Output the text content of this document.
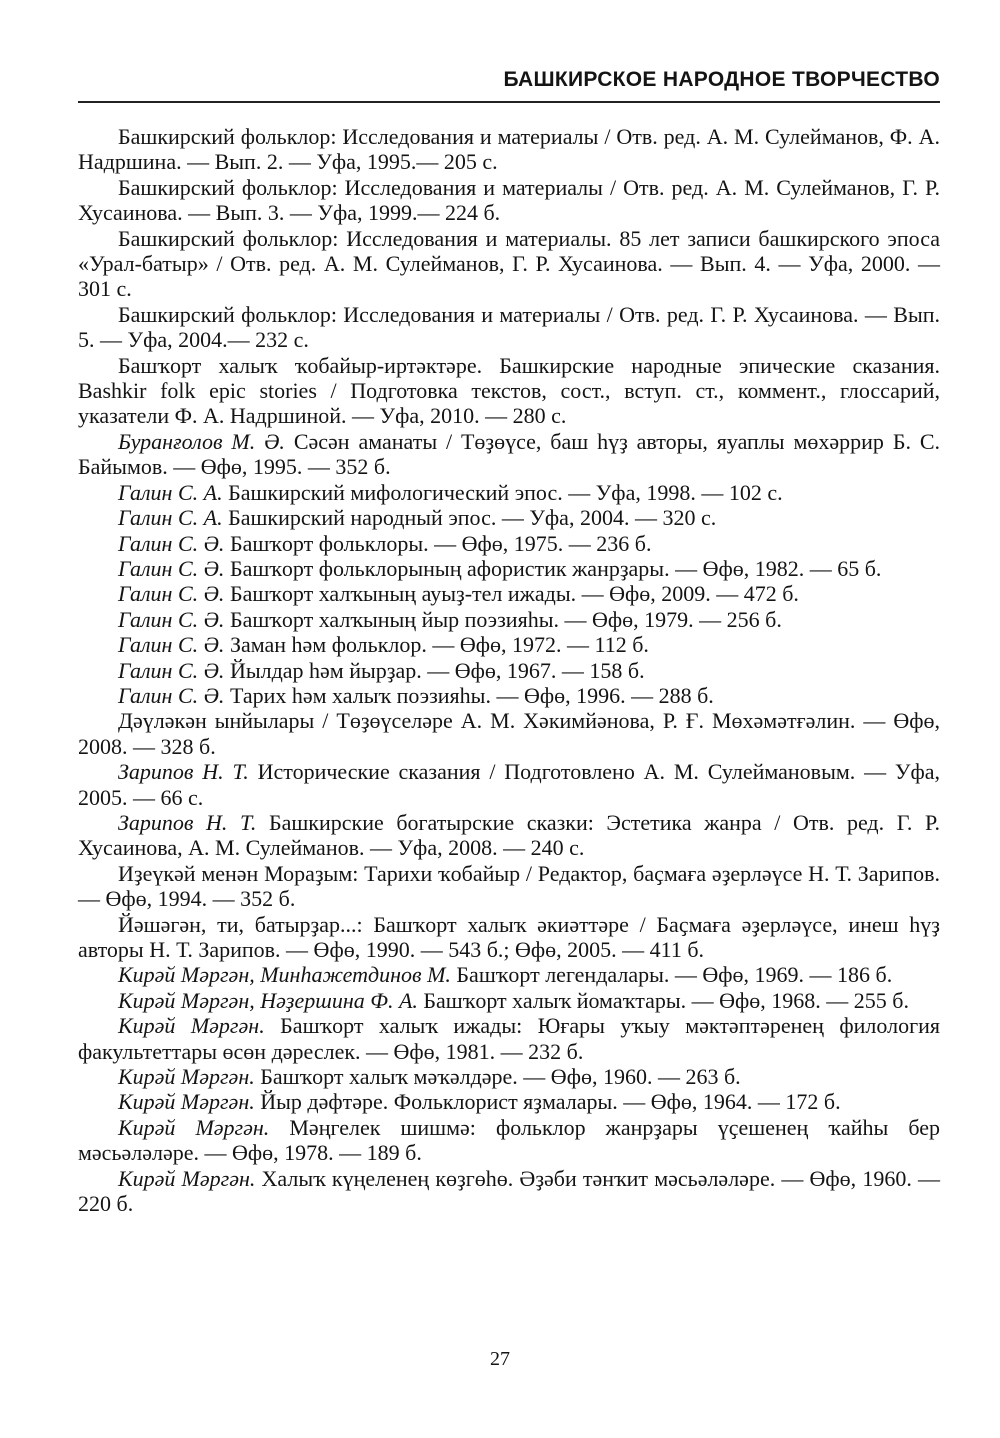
БАШКИРСКОЕ НАРОДНОЕ ТВОРЧЕСТВО

Башкирский фольклор: Исследования и материалы / Отв. ред. А. М. Сулейманов, Ф. А. Надршина. — Вып. 2. — Уфа, 1995.— 205 с.

Башкирский фольклор: Исследования и материалы / Отв. ред. А. М. Сулейманов, Г. Р. Хусаинова. — Вып. 3. — Уфа, 1999.— 224 б.

Башкирский фольклор: Исследования и материалы. 85 лет записи башкирского эпоса «Урал-батыр» / Отв. ред. А. М. Сулейманов, Г. Р. Хусаинова. — Вып. 4. — Уфа, 2000. — 301 с.

Башкирский фольклор: Исследования и материалы / Отв. ред. Г. Р. Хусаинова. — Вып. 5. — Уфа, 2004.— 232 с.

Башҡорт халыҡ ҡобайыр-иртәктәре. Башкирские народные эпические сказания. Bashkir folk epic stories / Подготовка текстов, сост., вступ. ст., коммент., глоссарий, указатели Ф. А. Надршиной. — Уфа, 2010. — 280 с.

Буранғолов М. Ә. Сәсән аманаты / Төҙөүсе, баш һүҙ авторы, яуаплы мөхәррир Б. С. Байымов. — Өфө, 1995. — 352 б.

Галин С. А. Башкирский мифологический эпос. — Уфа, 1998. — 102 с.

Галин С. А. Башкирский народный эпос. — Уфа, 2004. — 320 с.

Галин С. Ә. Башҡорт фольклоры. — Өфө, 1975. — 236 б.

Галин С. Ә. Башҡорт фольклорының афористик жанрҙары. — Өфө, 1982. — 65 б.

Галин С. Ә. Башҡорт халҡының ауыҙ-тел ижады. — Өфө, 2009. — 472 б.

Галин С. Ә. Башҡорт халҡының йыр поэзияһы. — Өфө, 1979. — 256 б.

Галин С. Ә. Заман һәм фольклор. — Өфө, 1972. — 112 б.

Галин С. Ә. Йылдар һәм йырҙар. — Өфө, 1967. — 158 б.

Галин С. Ә. Тарих һәм халыҡ поэзияһы. — Өфө, 1996. — 288 б.

Дәүләкән ынйылары / Төҙөүселәре А. М. Хәкимйәнова, Р. Ғ. Мөхәмәтғәлин. — Өфө, 2008. — 328 б.

Зарипов Н. Т. Исторические сказания / Подготовлено А. М. Сулеймановым. — Уфа, 2005. — 66 с.

Зарипов Н. Т. Башкирские богатырские сказки: Эстетика жанра / Отв. ред. Г. Р. Хусаинова, А. М. Сулейманов. — Уфа, 2008. — 240 с.

Иҙеүкәй менән Мораҙым: Тарихи ҡобайыр / Редактор, баҫмаға әҙерләүсе Н. Т. Зарипов. — Өфө, 1994. — 352 б.

Йәшәгән, ти, батырҙар...: Башҡорт халыҡ әкиәттәре / Баҫмаға әҙерләүсе, инеш һүҙ авторы Н. Т. Зарипов. — Өфө, 1990. — 543 б.; Өфө, 2005. — 411 б.

Кирәй Мәргән, Минһажетдинов М. Башҡорт легендалары. — Өфө, 1969. — 186 б.

Кирәй Мәргән, Нәҙершина Ф. А. Башҡорт халыҡ йомаҡтары. — Өфө, 1968. — 255 б.

Кирәй Мәргән. Башҡорт халыҡ ижады: Юғары уҡыу мәктәптәренең филология факультеттары өсөн дәреслек. — Өфө, 1981. — 232 б.

Кирәй Мәргән. Башҡорт халыҡ мәҡәлдәре. — Өфө, 1960. — 263 б.

Кирәй Мәргән. Йыр дәфтәре. Фольклорист яҙмалары. — Өфө, 1964. — 172 б.

Кирәй Мәргән. Мәңгелек шишмә: фольклор жанрҙары үҫешенең ҡайһы бер мәсьәләләре. — Өфө, 1978. — 189 б.

Кирәй Мәргән. Халыҡ күңеленең көҙгөһө. Әҙәби тәнҡит мәсьәләләре. — Өфө, 1960. — 220 б.

27
